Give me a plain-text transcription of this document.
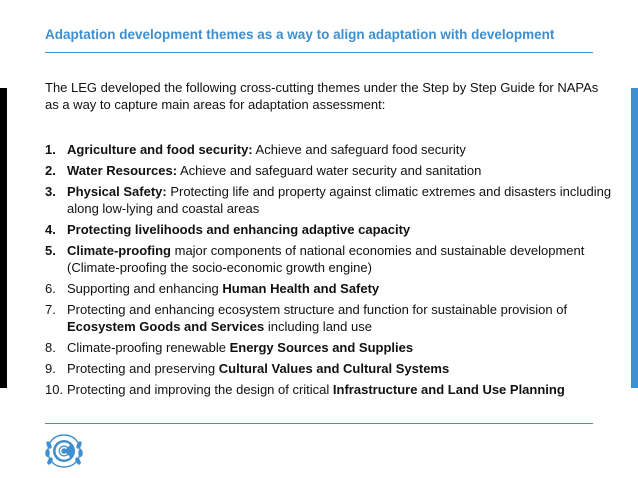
Adaptation development themes as a way to align adaptation with development
The LEG developed the following cross-cutting themes under the Step by Step Guide for NAPAs as a way to capture main areas for adaptation assessment:
1. Agriculture and food security: Achieve and safeguard food security
2. Water Resources: Achieve and safeguard water security and sanitation
3. Physical Safety: Protecting life and property against climatic extremes and disasters including along low-lying and coastal areas
4. Protecting livelihoods and enhancing adaptive capacity
5. Climate-proofing major components of national economies and sustainable development (Climate-proofing the socio-economic growth engine)
6. Supporting and enhancing Human Health and Safety
7. Protecting and enhancing ecosystem structure and function for sustainable provision of Ecosystem Goods and Services including land use
8. Climate-proofing renewable Energy Sources and Supplies
9. Protecting and preserving Cultural Values and Cultural Systems
10. Protecting and improving the design of critical Infrastructure and Land Use Planning
